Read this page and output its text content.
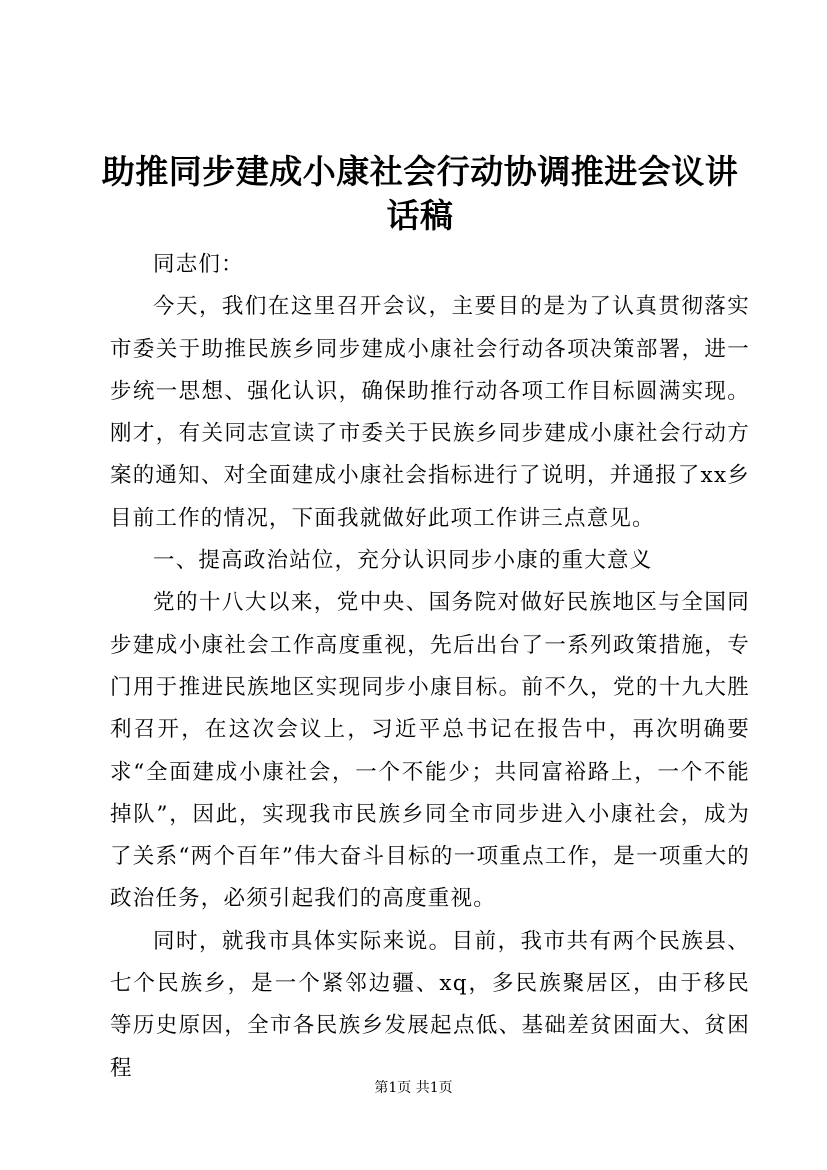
助推同步建成小康社会行动协调推进会议讲话稿

同志们：

今天，我们在这里召开会议，主要目的是为了认真贯彻落实市委关于助推民族乡同步建成小康社会行动各项决策部署，进一步统一思想、强化认识，确保助推行动各项工作目标圆满实现。刚才，有关同志宣读了市委关于民族乡同步建成小康社会行动方案的通知、对全面建成小康社会指标进行了说明，并通报了xx乡目前工作的情况，下面我就做好此项工作讲三点意见。

一、提高政治站位，充分认识同步小康的重大意义

党的十八大以来，党中央、国务院对做好民族地区与全国同步建成小康社会工作高度重视，先后出台了一系列政策措施，专门用于推进民族地区实现同步小康目标。前不久，党的十九大胜利召开，在这次会议上，习近平总书记在报告中，再次明确要求“全面建成小康社会，一个不能少；共同富裕路上，一个不能掉队”，因此，实现我市民族乡同全市同步进入小康社会，成为了关系“两个百年”伟大奋斗目标的一项重点工作，是一项重大的政治任务，必须引起我们的高度重视。

同时，就我市具体实际来说。目前，我市共有两个民族县、七个民族乡，是一个紧邻边疆、xq，多民族聚居区，由于移民等历史原因，全市各民族乡发展起点低、基础差贫困面大、贫困程

第1页 共1页
